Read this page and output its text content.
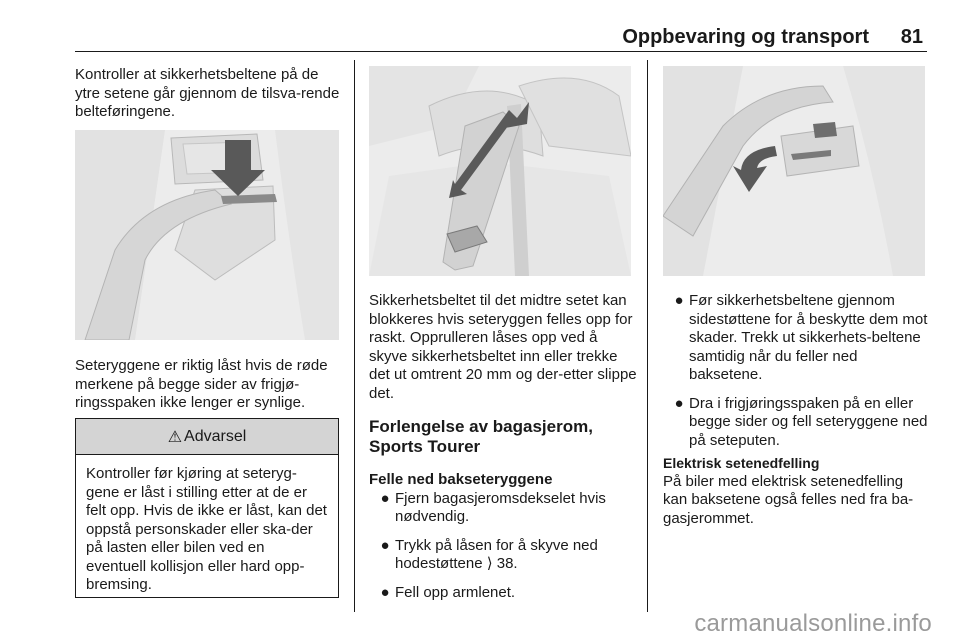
Oppbevaring og transport 81

Kontroller at sikkerhetsbeltene på de ytre setene går gjennom de tilsva-rende belteføringene.

Seteryggene er riktig låst hvis de røde merkene på begge sider av frigjø-ringsspaken ikke lenger er synlige.

⚠ Advarsel
Kontroller før kjøring at seteryg-gene er låst i stilling etter at de er felt opp. Hvis de ikke er låst, kan det oppstå personskader eller ska-der på lasten eller bilen ved en eventuell kollisjon eller hard opp-bremsing.

Sikkerhetsbeltet til det midtre setet kan blokkeres hvis seteryggen felles opp for raskt. Opprulleren låses opp ved å skyve sikkerhetsbeltet inn eller trekke det ut omtrent 20 mm og der-etter slippe det.

Forlengelse av bagasjerom, Sports Tourer
Felle ned bakseteryggene
● Fjern bagasjeromsdekselet hvis nødvendig.
● Trykk på låsen for å skyve ned hodestøttene ⟩ 38.
● Fell opp armlenet.
● Før sikkerhetsbeltene gjennom sidestøttene for å beskytte dem mot skader. Trekk ut sikkerhets-beltene samtidig når du feller ned baksetene.
● Dra i frigjøringsspaken på en eller begge sider og fell seteryggene ned på seteputen.
Elektrisk setenedfelling

På biler med elektrisk setenedfelling kan baksetene også felles ned fra ba-gasjerommet.

carmanualsonline.info
